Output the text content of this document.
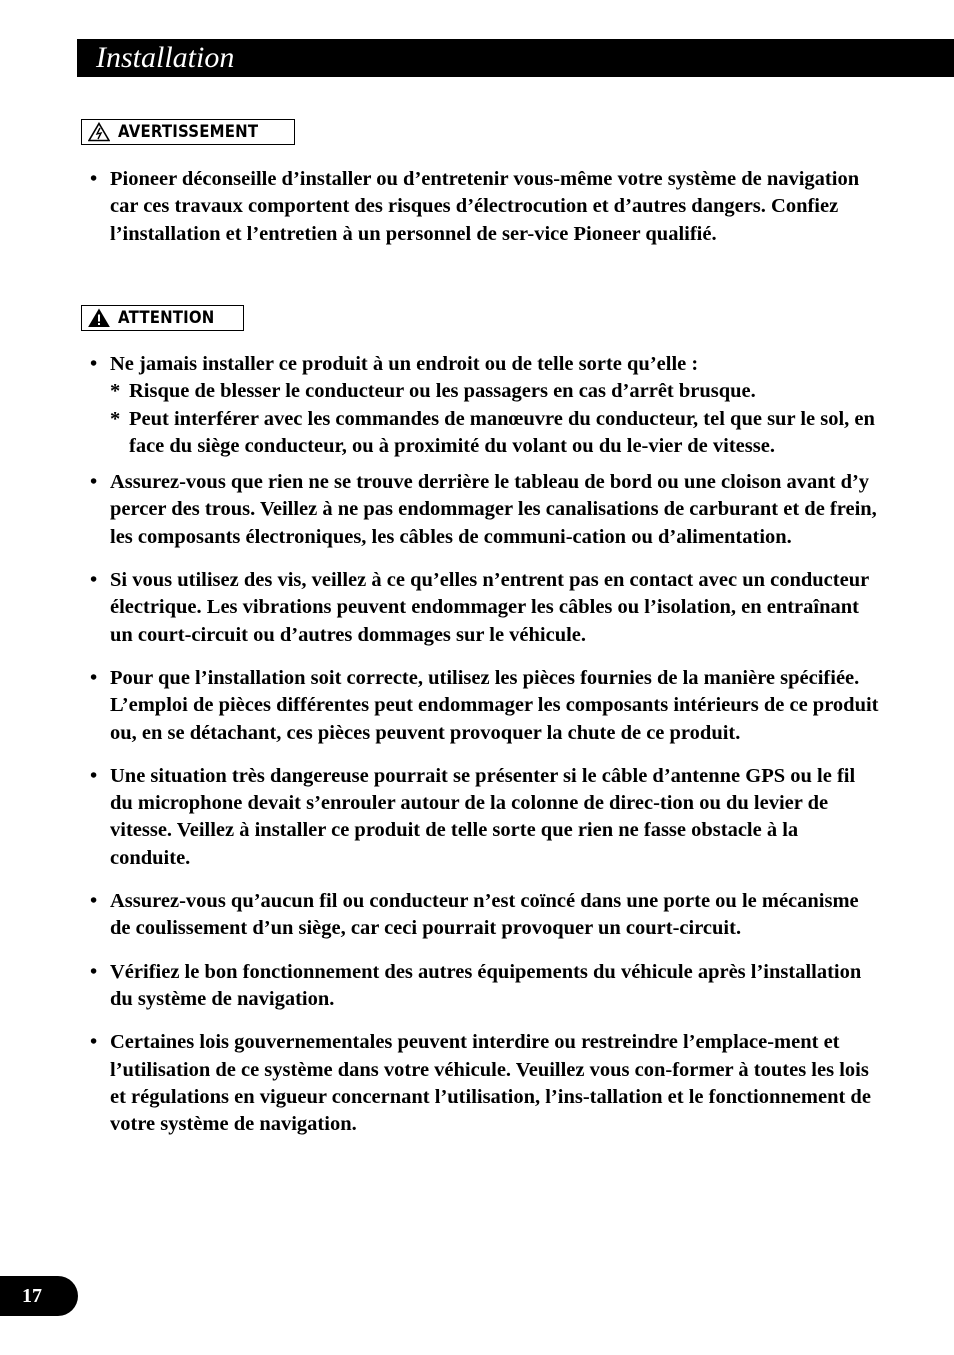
Installation
AVERTISSEMENT

• Pioneer déconseille d’installer ou d’entretenir vous-même votre système de navigation car ces travaux comportent des risques d’électrocution et d’autres dangers. Confiez l’installation et l’entretien à un personnel de ser-vice Pioneer qualifié.

ATTENTION
• Ne jamais installer ce produit à un endroit ou de telle sorte qu’elle :
* Risque de blesser le conducteur ou les passagers en cas d’arrêt brusque.
* Peut interférer avec les commandes de manœuvre du conducteur, tel que sur le sol, en face du siège conducteur, ou à proximité du volant ou du le-vier de vitesse.

• Assurez-vous que rien ne se trouve derrière le tableau de bord ou une cloison avant d’y percer des trous. Veillez à ne pas endommager les canalisations de carburant et de frein, les composants électroniques, les câbles de communi-cation ou d’alimentation.

• Si vous utilisez des vis, veillez à ce qu’elles n’entrent pas en contact avec un conducteur électrique. Les vibrations peuvent endommager les câbles ou l’isolation, en entraînant un court-circuit ou d’autres dommages sur le véhicule.

• Pour que l’installation soit correcte, utilisez les pièces fournies de la manière spécifiée. L’emploi de pièces différentes peut endommager les composants intérieurs de ce produit ou, en se détachant, ces pièces peuvent provoquer la chute de ce produit.

• Une situation très dangereuse pourrait se présenter si le câble d’antenne GPS ou le fil du microphone devait s’enrouler autour de la colonne de direc-tion ou du levier de vitesse. Veillez à installer ce produit de telle sorte que rien ne fasse obstacle à la conduite.

• Assurez-vous qu’aucun fil ou conducteur n’est coïncé dans une porte ou le mécanisme de coulissement d’un siège, car ceci pourrait provoquer un court-circuit.

• Vérifiez le bon fonctionnement des autres équipements du véhicule après l’installation du système de navigation.

• Certaines lois gouvernementales peuvent interdire ou restreindre l’emplace-ment et l’utilisation de ce système dans votre véhicule. Veuillez vous con-former à toutes les lois et régulations en vigueur concernant l’utilisation, l’ins-tallation et le fonctionnement de votre système de navigation.

17
